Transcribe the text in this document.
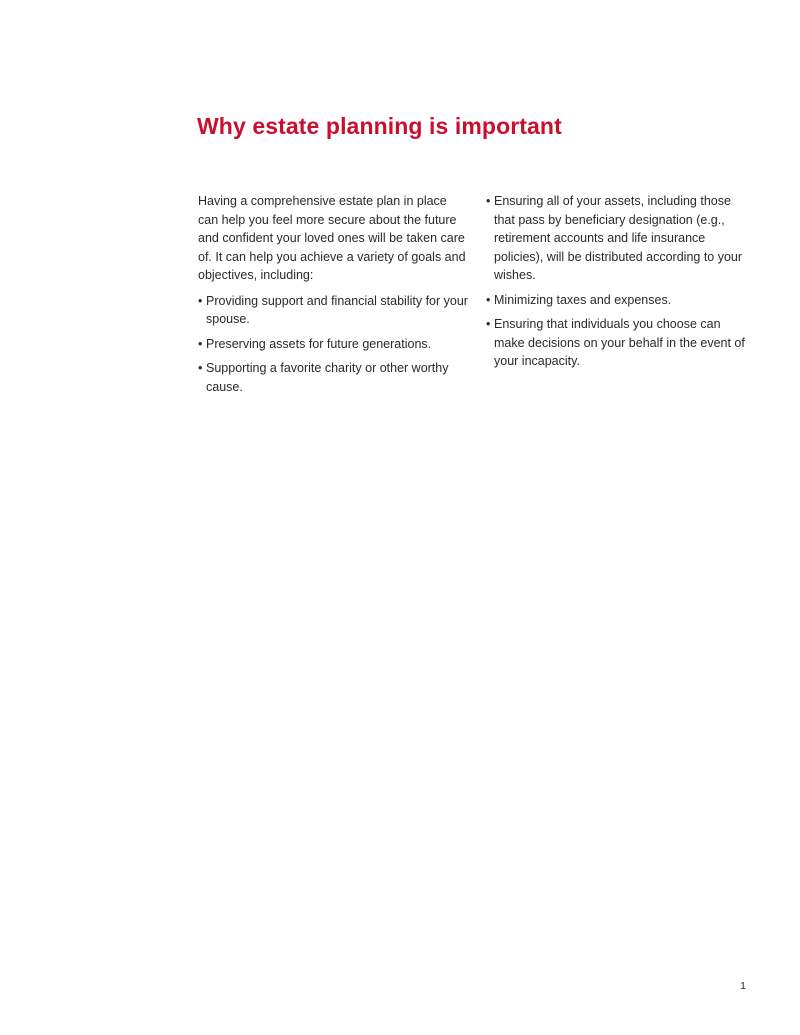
Why estate planning is important

Having a comprehensive estate plan in place can help you feel more secure about the future and confident your loved ones will be taken care of. It can help you achieve a variety of goals and objectives, including:

• Providing support and financial stability for your spouse.
• Preserving assets for future generations.
• Supporting a favorite charity or other worthy cause.
• Ensuring all of your assets, including those that pass by beneficiary designation (e.g., retirement accounts and life insurance policies), will be distributed according to your wishes.
• Minimizing taxes and expenses.
• Ensuring that individuals you choose can make decisions on your behalf in the event of your incapacity.
1
